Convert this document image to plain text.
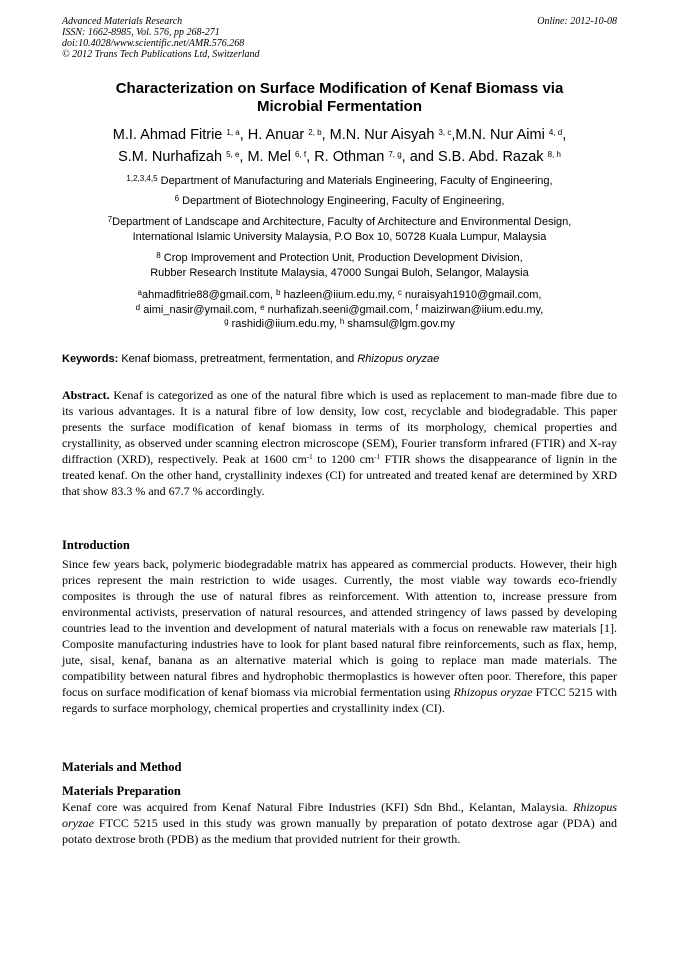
Advanced Materials Research
ISSN: 1662-8985, Vol. 576, pp 268-271
doi:10.4028/www.scientific.net/AMR.576.268
© 2012 Trans Tech Publications Ltd, Switzerland
Online: 2012-10-08
Characterization on Surface Modification of Kenaf Biomass via
Microbial Fermentation
M.I. Ahmad Fitrie $^{1, a}$, H. Anuar $^{2, b}$, M.N. Nur Aisyah $^{3, c}$,M.N. Nur Aimi $^{4, d}$,
S.M. Nurhafizah $^{5, e}$, M. Mel $^{6, f}$, R. Othman $^{7, g}$, and S.B. Abd. Razak $^{8, h}$
$^{1,2,3,4,5}$ Department of Manufacturing and Materials Engineering, Faculty of Engineering,
$^6$ Department of Biotechnology Engineering, Faculty of Engineering,
$^7$Department of Landscape and Architecture, Faculty of Architecture and Environmental Design,
International Islamic University Malaysia, P.O Box 10, 50728 Kuala Lumpur, Malaysia
$^8$ Crop Improvement and Protection Unit, Production Development Division,
Rubber Research Institute Malaysia, 47000 Sungai Buloh, Selangor, Malaysia
$^a$ahmadfitrie88@gmail.com, $^b$ hazleen@iium.edu.my, $^c$ nuraisyah1910@gmail.com,
$^d$ aimi_nasir@ymail.com, $^e$ nurhafizah.seeni@gmail.com, $^f$ maizirwan@iium.edu.my,
$^g$ rashidi@iium.edu.my, $^h$ shamsul@lgm.gov.my
Keywords: Kenaf biomass, pretreatment, fermentation, and Rhizopus oryzae
Abstract. Kenaf is categorized as one of the natural fibre which is used as replacement to man-made fibre due to its various advantages. It is a natural fibre of low density, low cost, recyclable and biodegradable. This paper presents the surface modification of kenaf biomass in terms of its morphology, chemical properties and crystallinity, as observed under scanning electron microscope (SEM), Fourier transform infrared (FTIR) and X-ray diffraction (XRD), respectively. Peak at 1600 $cm^{-1}$ to 1200 $cm^{-1}$ FTIR shows the disappearance of lignin in the treated kenaf. On the other hand, crystallinity indexes (CI) for untreated and treated kenaf are determined by XRD that show 83.3 % and 67.7 % accordingly.
Introduction
Since few years back, polymeric biodegradable matrix has appeared as commercial products. However, their high prices represent the main restriction to wide usages. Currently, the most viable way towards eco-friendly composites is through the use of natural fibres as reinforcement. With attention to, increase pressure from environmental activists, preservation of natural resources, and attended stringency of laws passed by developing countries lead to the invention and development of natural materials with a focus on renewable raw materials [1]. Composite manufacturing industries have to look for plant based natural fibre reinforcements, such as flax, hemp, jute, sisal, kenaf, banana as an alternative material which is going to replace man made materials. The compatibility between natural fibres and hydrophobic thermoplastics is however often poor. Therefore, this paper focus on surface modification of kenaf biomass via microbial fermentation using Rhizopus oryzae FTCC 5215 with regards to surface morphology, chemical properties and crystallinity index (CI).
Materials and Method
Materials Preparation
Kenaf core was acquired from Kenaf Natural Fibre Industries (KFI) Sdn Bhd., Kelantan, Malaysia. Rhizopus oryzae FTCC 5215 used in this study was grown manually by preparation of potato dextrose agar (PDA) and potato dextrose broth (PDB) as the medium that provided nutrient for their growth.
